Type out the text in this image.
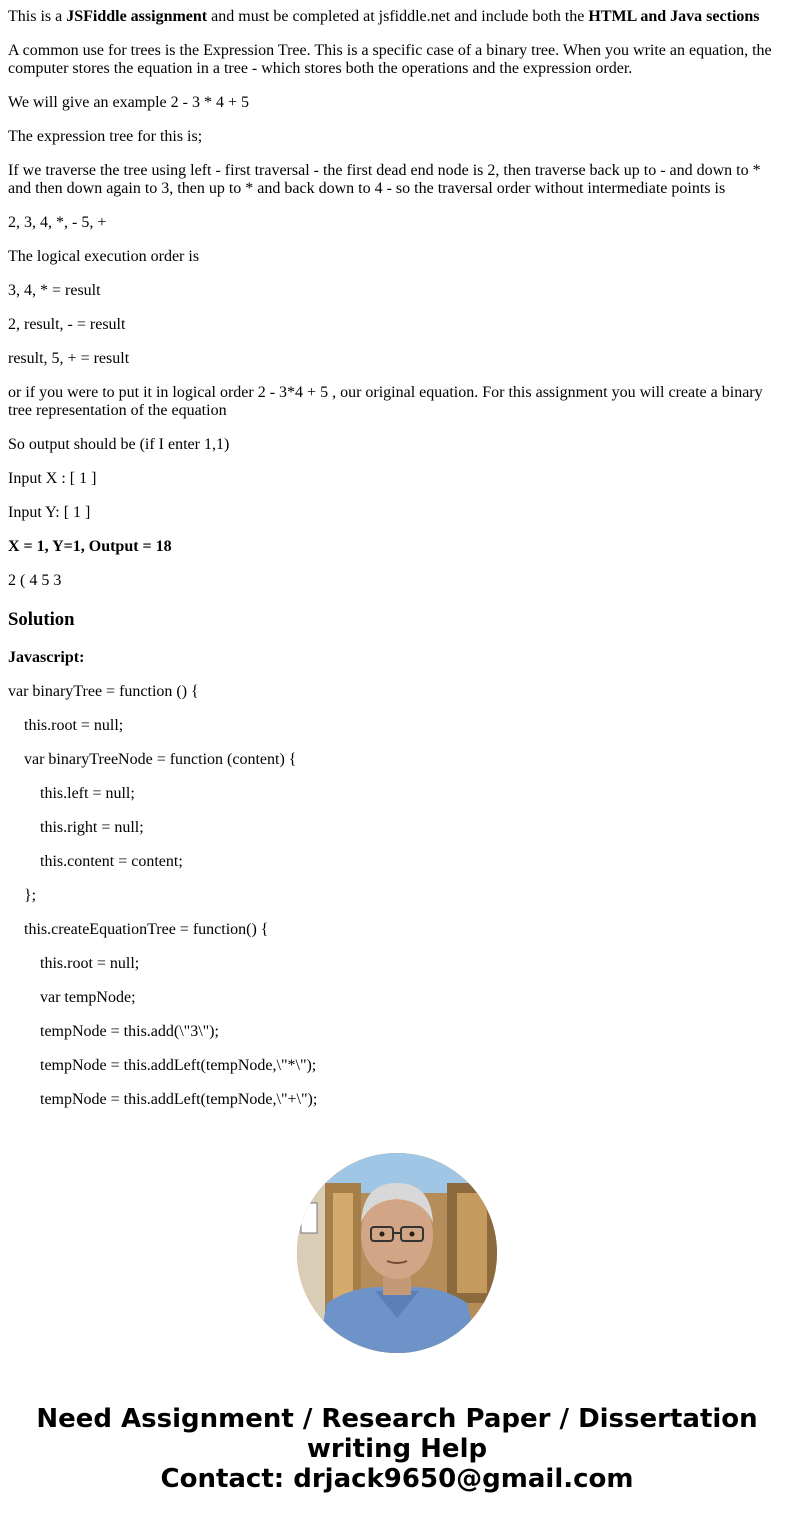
This is a JSFiddle assignment and must be completed at jsfiddle.net and include both the HTML and Java sections

A common use for trees is the Expression Tree. This is a specific case of a binary tree. When you write an equation, the computer stores the equation in a tree - which stores both the operations and the expression order.

We will give an example 2 - 3 * 4 + 5

The expression tree for this is;

If we traverse the tree using left - first traversal - the first dead end node is 2, then traverse back up to - and down to * and then down again to 3, then up to * and back down to 4 - so the traversal order without intermediate points is

2, 3, 4, *, - 5, +

The logical execution order is

3, 4, * = result

2, result, - = result

result, 5, + = result

or if you were to put it in logical order 2 - 3*4 + 5 , our original equation. For this assignment you will create a binary tree representation of the equation

So output should be (if I enter 1,1)

Input X : [ 1 ]

Input Y: [ 1 ]

X = 1, Y=1, Output = 18

2 ( 4 5 3

Solution

Javascript:

var binaryTree = function () {

this.root = null;

var binaryTreeNode = function (content) {

this.left = null;

this.right = null;

this.content = content;

};

this.createEquationTree = function() {

this.root = null;

var tempNode;

tempNode = this.add(\"3\");

tempNode = this.addLeft(tempNode,\"*\");

tempNode = this.addLeft(tempNode,\"+\");

Need Assignment / Research Paper / Dissertation
writing Help
Contact: drjack9650@gmail.com
